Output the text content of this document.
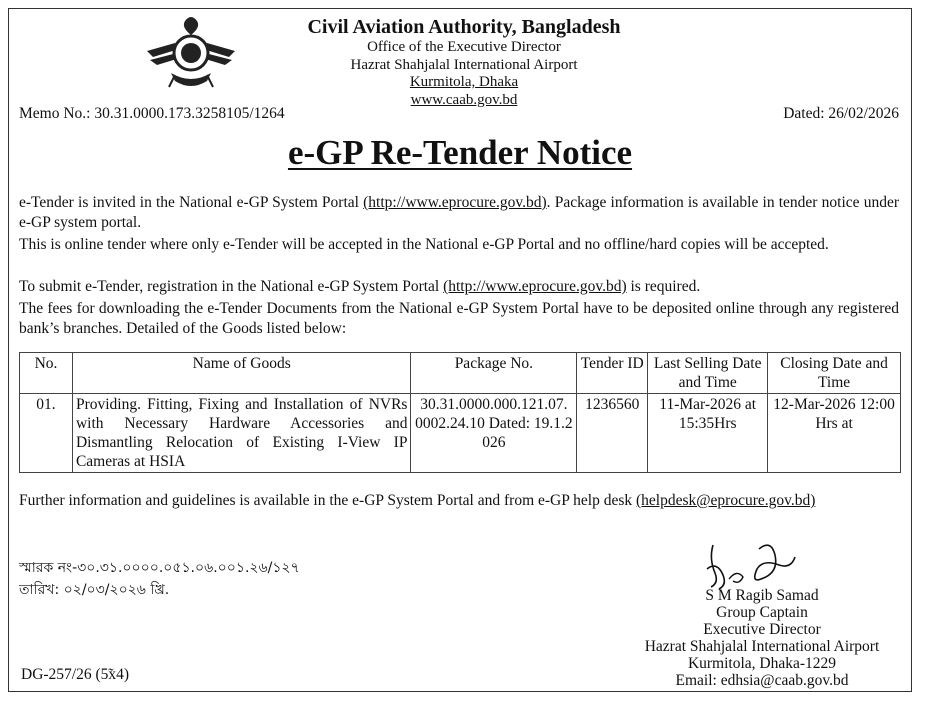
Civil Aviation Authority, Bangladesh
Office of the Executive Director
Hazrat Shahjalal International Airport
Kurmitola, Dhaka
www.caab.gov.bd
Memo No.: 30.31.0000.173.3258105/1264	Dated: 26/02/2026
e-GP Re-Tender Notice

e-Tender is invited in the National e-GP System Portal (http://www.eprocure.gov.bd). Package information is available in tender notice under e-GP system portal.

This is online tender where only e-Tender will be accepted in the National e-GP Portal and no offline/hard copies will be accepted.

To submit e-Tender, registration in the National e-GP System Portal (http://www.eprocure.gov.bd) is required.

The fees for downloading the e-Tender Documents from the National e-GP System Portal have to be deposited online through any registered bank’s branches. Detailed of the Goods listed below:

No.	Name of Goods	Package No.	Tender ID	Last Selling Date and Time	Closing Date and Time
01.	Providing. Fitting, Fixing and Installation of NVRs with Necessary Hardware Accessories and Dismantling Relocation of Existing I-View IP Cameras at HSIA	30.31.0000.000.121.07. 0002.24.10 Dated: 19.1.2026	1236560	11-Mar-2026 at 15:35Hrs	12-Mar-2026 12:00 Hrs at

Further information and guidelines is available in the e-GP System Portal and from e-GP help desk (helpdesk@eprocure.gov.bd)

স্মারক নং-৩০.৩১.০০০০.০৫১.০৬.০০১.২৬/১২৭
তারিখ: ০২/০৩/২০২৬ খ্রি.	S M Ragib Samad
Group Captain
Executive Director
Hazrat Shahjalal International Airport
Kurmitola, Dhaka-1229
Email: edhsia@caab.gov.bd
DG-257/26 (5̃x4)
